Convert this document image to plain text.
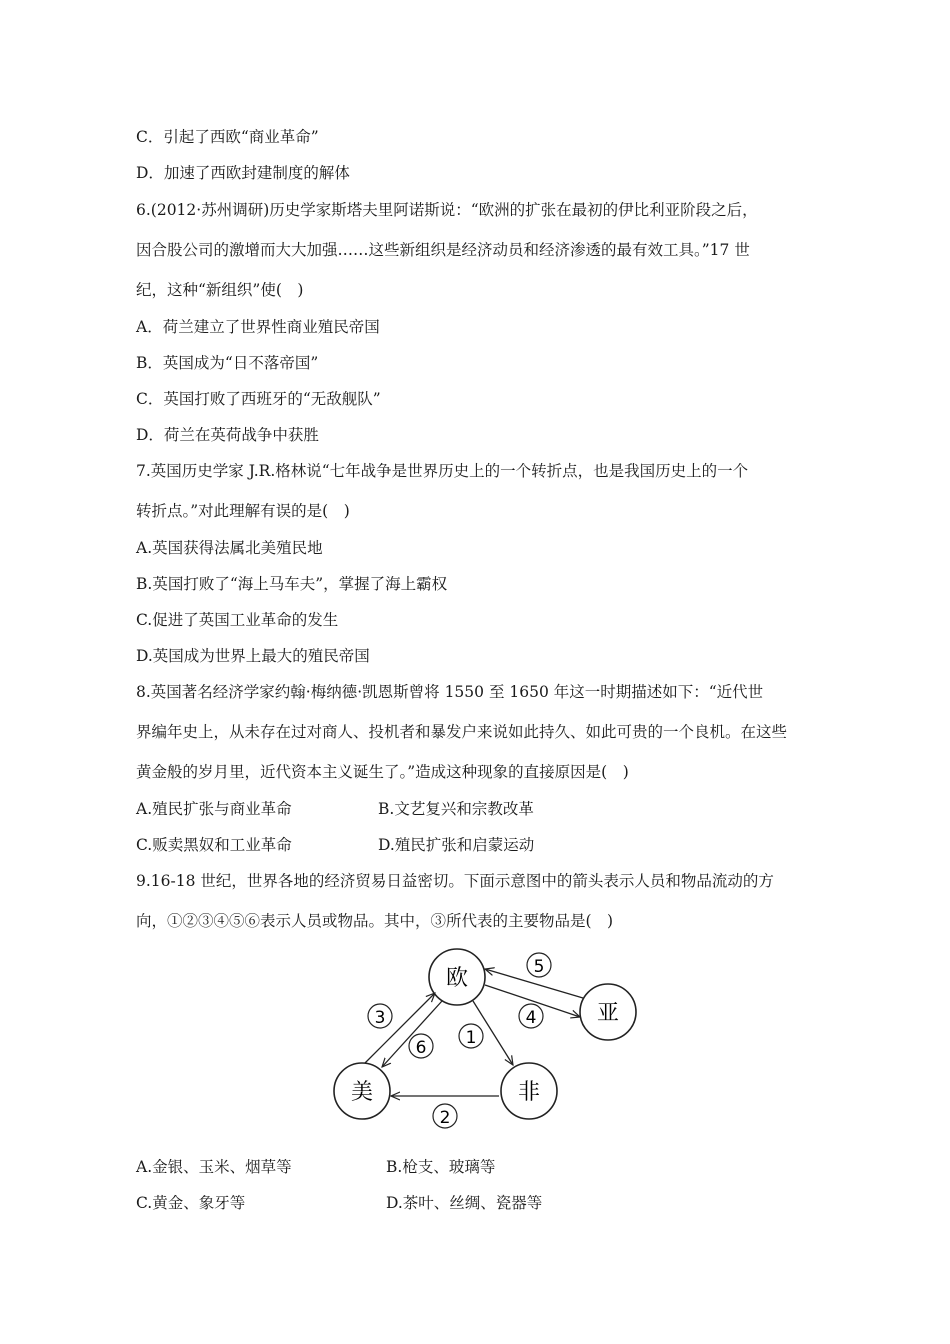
C．引起了西欧“商业革命”
D．加速了西欧封建制度的解体
6.(2012·苏州调研)历史学家斯塔夫里阿诺斯说：“欧洲的扩张在最初的伊比利亚阶段之后，
因合股公司的激增而大大加强……这些新组织是经济动员和经济渗透的最有效工具。”17 世
纪，这种“新组织”使(　)
A．荷兰建立了世界性商业殖民帝国
B．英国成为“日不落帝国”
C．英国打败了西班牙的“无敌舰队”
D．荷兰在英荷战争中获胜
7.英国历史学家 J.R.格林说“七年战争是世界历史上的一个转折点，也是我国历史上的一个
转折点。”对此理解有误的是(　)
A.英国获得法属北美殖民地
B.英国打败了“海上马车夫”，掌握了海上霸权
C.促进了英国工业革命的发生
D.英国成为世界上最大的殖民帝国
8.英国著名经济学家约翰·梅纳德·凯恩斯曾将 1550 至 1650 年这一时期描述如下：“近代世
界编年史上，从未存在过对商人、投机者和暴发户来说如此持久、如此可贵的一个良机。在这些
黄金般的岁月里，近代资本主义诞生了。”造成这种现象的直接原因是(　)
A.殖民扩张与商业革命	B.文艺复兴和宗教改革
C.贩卖黑奴和工业革命	D.殖民扩张和启蒙运动
9.16-18 世纪，世界各地的经济贸易日益密切。下面示意图中的箭头表示人员和物品流动的方
向，①②③④⑤⑥表示人员或物品。其中，③所代表的主要物品是(　)
欧
亚
美	非
5
4
1
3
6
2
A.金银、玉米、烟草等	B.枪支、玻璃等
C.黄金、象牙等	D.茶叶、丝绸、瓷器等
